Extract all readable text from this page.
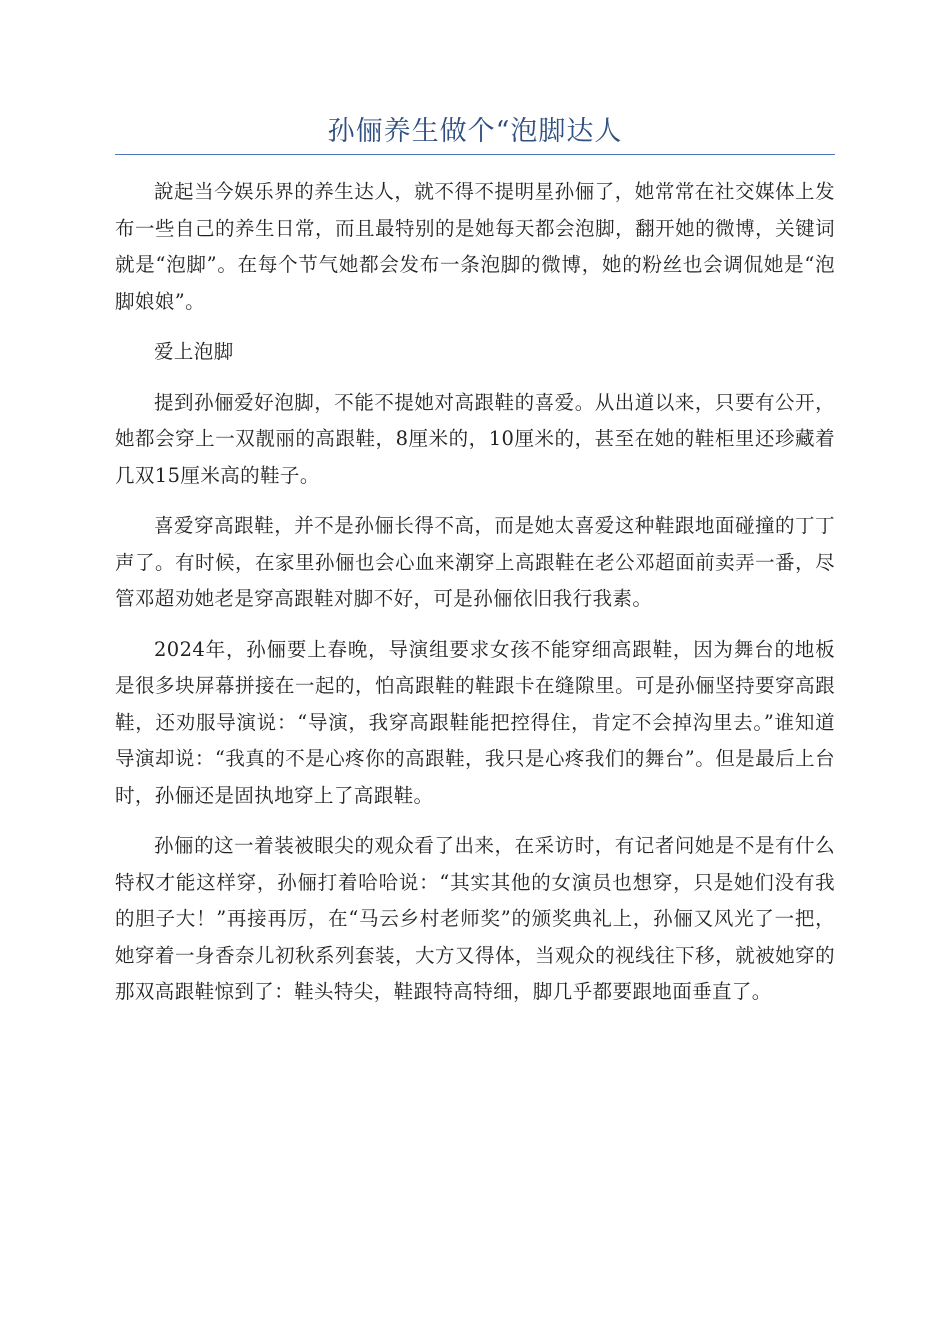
孙俪养生做个“泡脚达人

說起当今娱乐界的养生达人，就不得不提明星孙俪了，她常常在社交媒体上发布一些自己的养生日常，而且最特别的是她每天都会泡脚，翻开她的微博，关键词就是“泡脚”。在每个节气她都会发布一条泡脚的微博，她的粉丝也会调侃她是“泡脚娘娘”。

爱上泡脚

提到孙俪爱好泡脚，不能不提她对高跟鞋的喜爱。从出道以来，只要有公开，她都会穿上一双靓丽的高跟鞋，8厘米的，10厘米的，甚至在她的鞋柜里还珍藏着几双15厘米高的鞋子。

喜爱穿高跟鞋，并不是孙俪长得不高，而是她太喜爱这种鞋跟地面碰撞的丁丁声了。有时候，在家里孙俪也会心血来潮穿上高跟鞋在老公邓超面前卖弄一番，尽管邓超劝她老是穿高跟鞋对脚不好，可是孙俪依旧我行我素。

2024年，孙俪要上春晚，导演组要求女孩不能穿细高跟鞋，因为舞台的地板是很多块屏幕拼接在一起的，怕高跟鞋的鞋跟卡在缝隙里。可是孙俪坚持要穿高跟鞋，还劝服导演说：“导演，我穿高跟鞋能把控得住，肯定不会掉沟里去。”谁知道导演却说：“我真的不是心疼你的高跟鞋，我只是心疼我们的舞台”。但是最后上台时，孙俪还是固执地穿上了高跟鞋。

孙俪的这一着装被眼尖的观众看了出来，在采访时，有记者问她是不是有什么特权才能这样穿，孙俪打着哈哈说：“其实其他的女演员也想穿，只是她们没有我的胆子大！”再接再厉，在“马云乡村老师奖”的颁奖典礼上，孙俪又风光了一把，她穿着一身香奈儿初秋系列套装，大方又得体，当观众的视线往下移，就被她穿的那双高跟鞋惊到了：鞋头特尖，鞋跟特高特细，脚几乎都要跟地面垂直了。
